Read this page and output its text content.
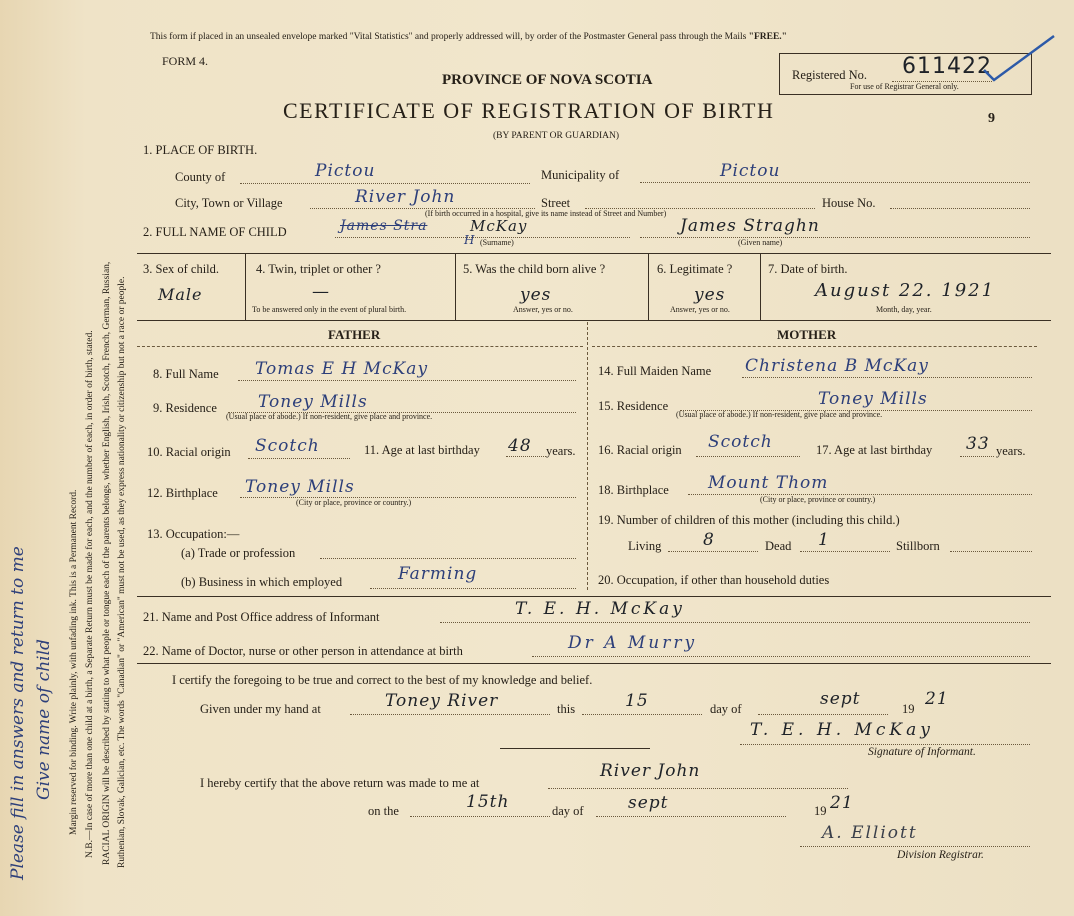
Margin reserved for binding. Write plainly, with unfading ink. This is a Permanent Record. N.B.—In case of more than one child at a birth, a Separate Return must be made for each, and the number of each, in order of birth, stated. RACIAL ORIGIN will be described by stating to what people or tongue each of the parents belongs, whether English, Irish, Scotch, French, German, Russian, Ruthenian, Slovak, Galician, etc. The words "Canadian" or "American" must not be used, as they express nationality or citizenship but not a race or people.
Please fill in answers and return to me Give name of child
This form if placed in an unsealed envelope marked "Vital Statistics" and properly addressed will, by order of the Postmaster General pass through the Mails "FREE."
FORM 4.
PROVINCE OF NOVA SCOTIA
CERTIFICATE OF REGISTRATION OF BIRTH
(BY PARENT OR GUARDIAN)
Registered No. 611422
For use of Registrar General only.
9
1. PLACE OF BIRTH.
County of	Pictou	Municipality of	Pictou
City, Town or Village	River John	Street	House No.
(If birth occurred in a hospital, give its name instead of Street and Number)
2. FULL NAME OF CHILD	James Stra	McKay
H (Surname)
James Straghn
(Given name)
3. Sex of child.
Male
4. Twin, triplet or other ?
—
To be answered only in the event of plural birth.
5. Was the child born alive ?
yes
Answer, yes or no.
6. Legitimate ?
yes
Answer, yes or no.
7. Date of birth.
August 22. 1921
Month, day, year.
FATHER	MOTHER
8. Full Name Tomas E H McKay
9. Residence Toney Mills
(Usual place of abode.) If non-resident, give place and province.
10. Racial origin Scotch	11. Age at last birthday 48 years.
12. Birthplace Toney Mills
(City or place, province or country.)
13. Occupation:—
(a) Trade or profession
(b) Business in which employed	Farming
14. Full Maiden Name Christena B McKay
15. Residence	Toney Mills
(Usual place of abode.) If non-resident, give place and province.
16. Racial origin Scotch	17. Age at last birthday 33 years.
18. Birthplace Mount Thom
(City or place, province or country.)
19. Number of children of this mother (including this child.)
Living 8	Dead 1	Stillborn
20. Occupation, if other than household duties
21. Name and Post Office address of Informant	T. E. H. McKay
22. Name of Doctor, nurse or other person in attendance at birth	Dr A Murry
I certify the foregoing to be true and correct to the best of my knowledge and belief.
Given under my hand at	Toney River	this	15	day of	sept	19 21
T. E. H. McKay
Signature of Informant.
I hereby certify that the above return was made to me at
River John
on the	15th	day of	sept	19 21
A. Elliott
Division Registrar.
